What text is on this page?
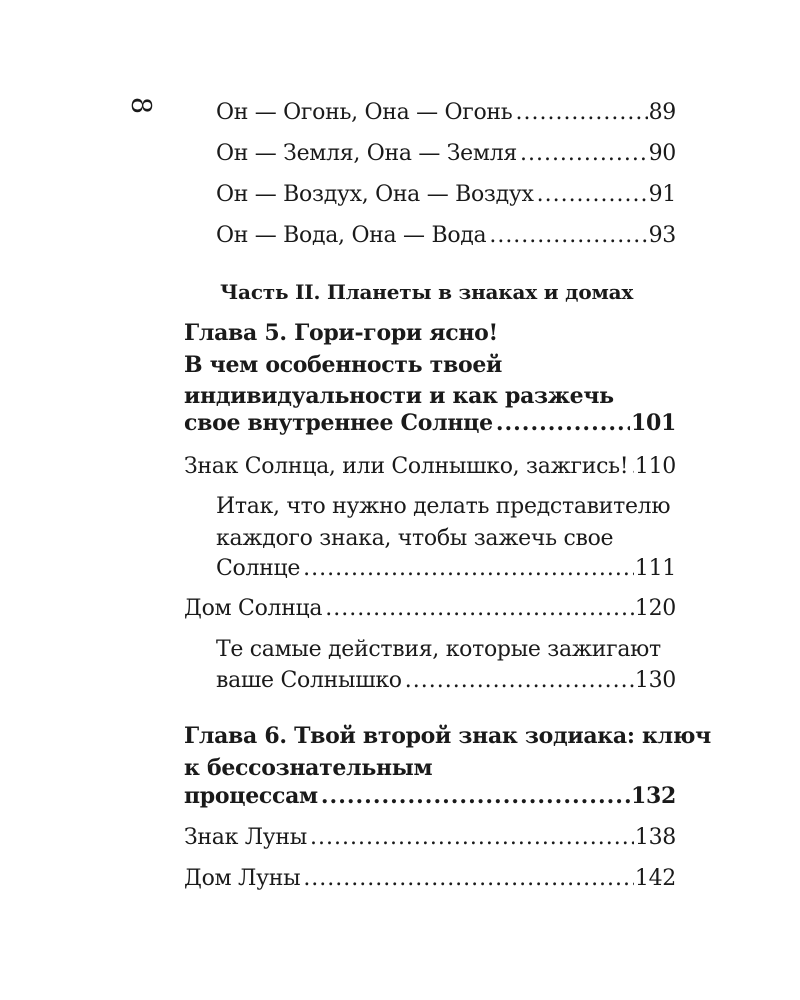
8	Он — Огонь, Она — Огонь .....	89
Он — Земля, Она — Земля .....	90
Он — Воздух, Она — Воздух .....	91
Он — Вода, Она — Вода .....	93
Часть II. Планеты в знаках и домах
Глава 5. Гори-гори ясно!
В чем особенность твоей
индивидуальности и как разжечь
свое внутреннее Солнце .....	101
Знак Солнца, или Солнышко, зажгись! ..... 110
Итак, что нужно делать представителю
каждого знака, чтобы зажечь свое
Солнце .....	111
Дом Солнца .....	120
Те самые действия, которые зажигают
ваше Солнышко .....	130
Глава 6. Твой второй знак зодиака: ключ
к бессознательным
процессам .....	132
Знак Луны .....	138
Дом Луны .....	142
